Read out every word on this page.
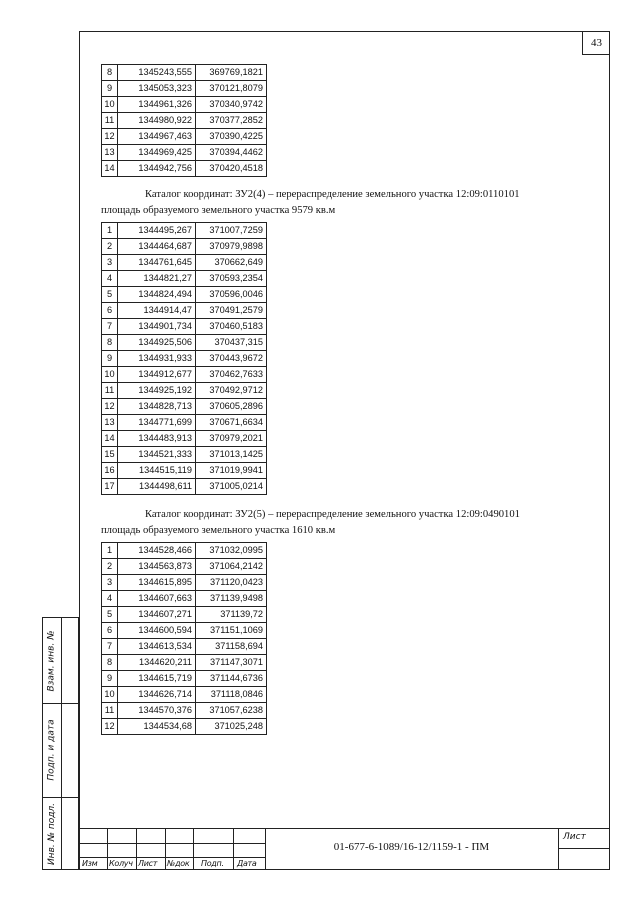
43
Взам. инв. №
Подп. и дата
Инв. № подл.
8	1345243,555	369769,1821
9	1345053,323	370121,8079
10	1344961,326	370340,9742
11	1344980,922	370377,2852
12	1344967,463	370390,4225
13	1344969,425	370394,4462
14	1344942,756	370420,4518
Каталог координат: ЗУ2(4) – перераспределение земельного участка 12:09:0110101
площадь образуемого земельного участка 9579 кв.м
1	1344495,267	371007,7259
2	1344464,687	370979,9898
3	1344761,645	370662,649
4	1344821,27	370593,2354
5	1344824,494	370596,0046
6	1344914,47	370491,2579
7	1344901,734	370460,5183
8	1344925,506	370437,315
9	1344931,933	370443,9672
10	1344912,677	370462,7633
11	1344925,192	370492,9712
12	1344828,713	370605,2896
13	1344771,699	370671,6634
14	1344483,913	370979,2021
15	1344521,333	371013,1425
16	1344515,119	371019,9941
17	1344498,611	371005,0214
Каталог координат: ЗУ2(5) – перераспределение земельного участка 12:09:0490101
площадь образуемого земельного участка 1610 кв.м
1	1344528,466	371032,0995
2	1344563,873	371064,2142
3	1344615,895	371120,0423
4	1344607,663	371139,9498
5	1344607,271	371139,72
6	1344600,594	371151,1069
7	1344613,534	371158,694
8	1344620,211	371147,3071
9	1344615,719	371144,6736
10	1344626,714	371118,0846
11	1344570,376	371057,6238
12	1344534,68	371025,248
01-677-6-1089/16-12/1159-1 - ПМ
Лист
Изм Колуч Лист №док Подп. Дата
